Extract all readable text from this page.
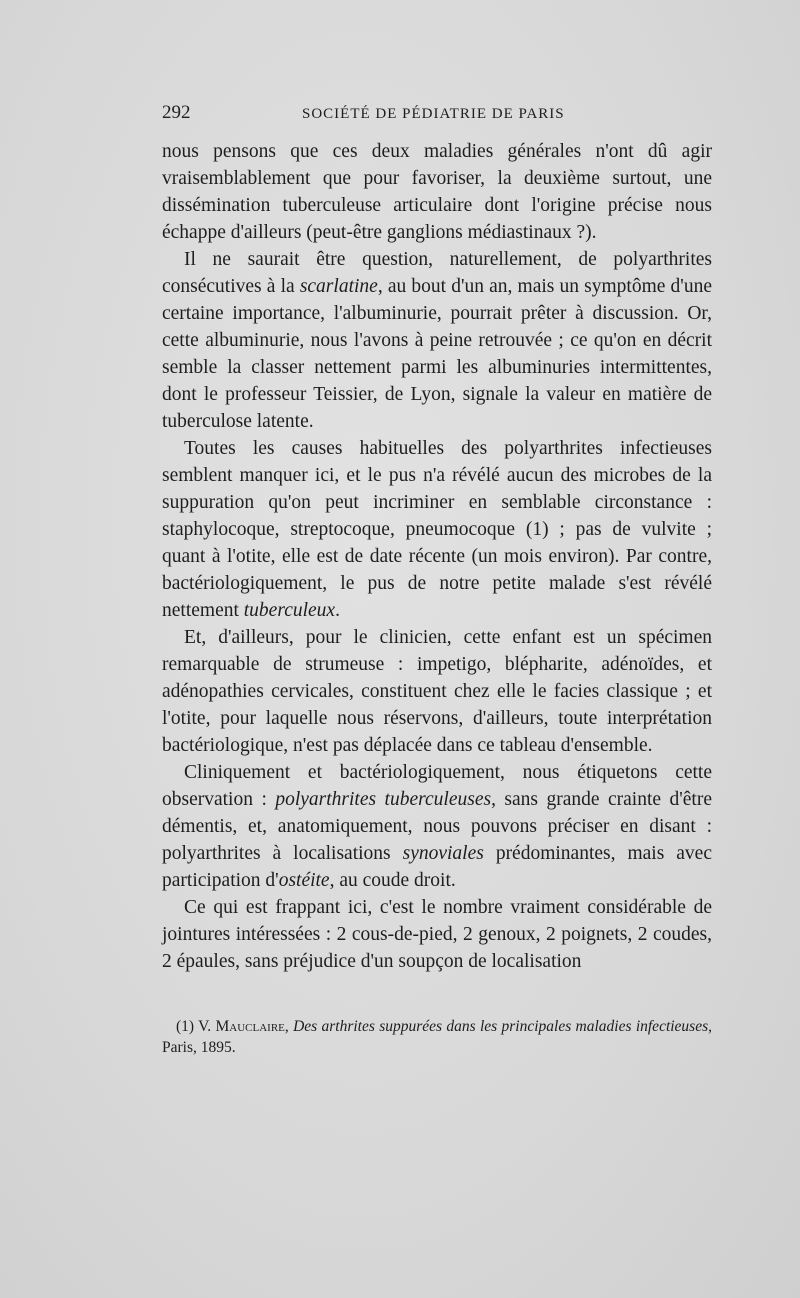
292	SOCIÉTÉ DE PÉDIATRIE DE PARIS

nous pensons que ces deux maladies générales n'ont dû agir vraisemblablement que pour favoriser, la deuxième surtout, une dissémination tuberculeuse articulaire dont l'origine précise nous échappe d'ailleurs (peut-être ganglions médiastinaux ?).

Il ne saurait être question, naturellement, de polyarthrites consécutives à la scarlatine, au bout d'un an, mais un symptôme d'une certaine importance, l'albuminurie, pourrait prêter à discussion. Or, cette albuminurie, nous l'avons à peine retrouvée ; ce qu'on en décrit semble la classer nettement parmi les albuminuries intermittentes, dont le professeur Teissier, de Lyon, signale la valeur en matière de tuberculose latente.

Toutes les causes habituelles des polyarthrites infectieuses semblent manquer ici, et le pus n'a révélé aucun des microbes de la suppuration qu'on peut incriminer en semblable circonstance : staphylocoque, streptocoque, pneumocoque (1) ; pas de vulvite ; quant à l'otite, elle est de date récente (un mois environ). Par contre, bactériologiquement, le pus de notre petite malade s'est révélé nettement tuberculeux.

Et, d'ailleurs, pour le clinicien, cette enfant est un spécimen remarquable de strumeuse : impetigo, blépharite, adénoïdes, et adénopathies cervicales, constituent chez elle le facies classique ; et l'otite, pour laquelle nous réservons, d'ailleurs, toute interprétation bactériologique, n'est pas déplacée dans ce tableau d'ensemble.

Cliniquement et bactériologiquement, nous étiquetons cette observation : polyarthrites tuberculeuses, sans grande crainte d'être démentis, et, anatomiquement, nous pouvons préciser en disant : polyarthrites à localisations synoviales prédominantes, mais avec participation d'ostéite, au coude droit.

Ce qui est frappant ici, c'est le nombre vraiment considérable de jointures intéressées : 2 cous-de-pied, 2 genoux, 2 poignets, 2 coudes, 2 épaules, sans préjudice d'un soupçon de localisation

(1) V. Mauclaire, Des arthrites suppurées dans les principales maladies infectieuses, Paris, 1895.
